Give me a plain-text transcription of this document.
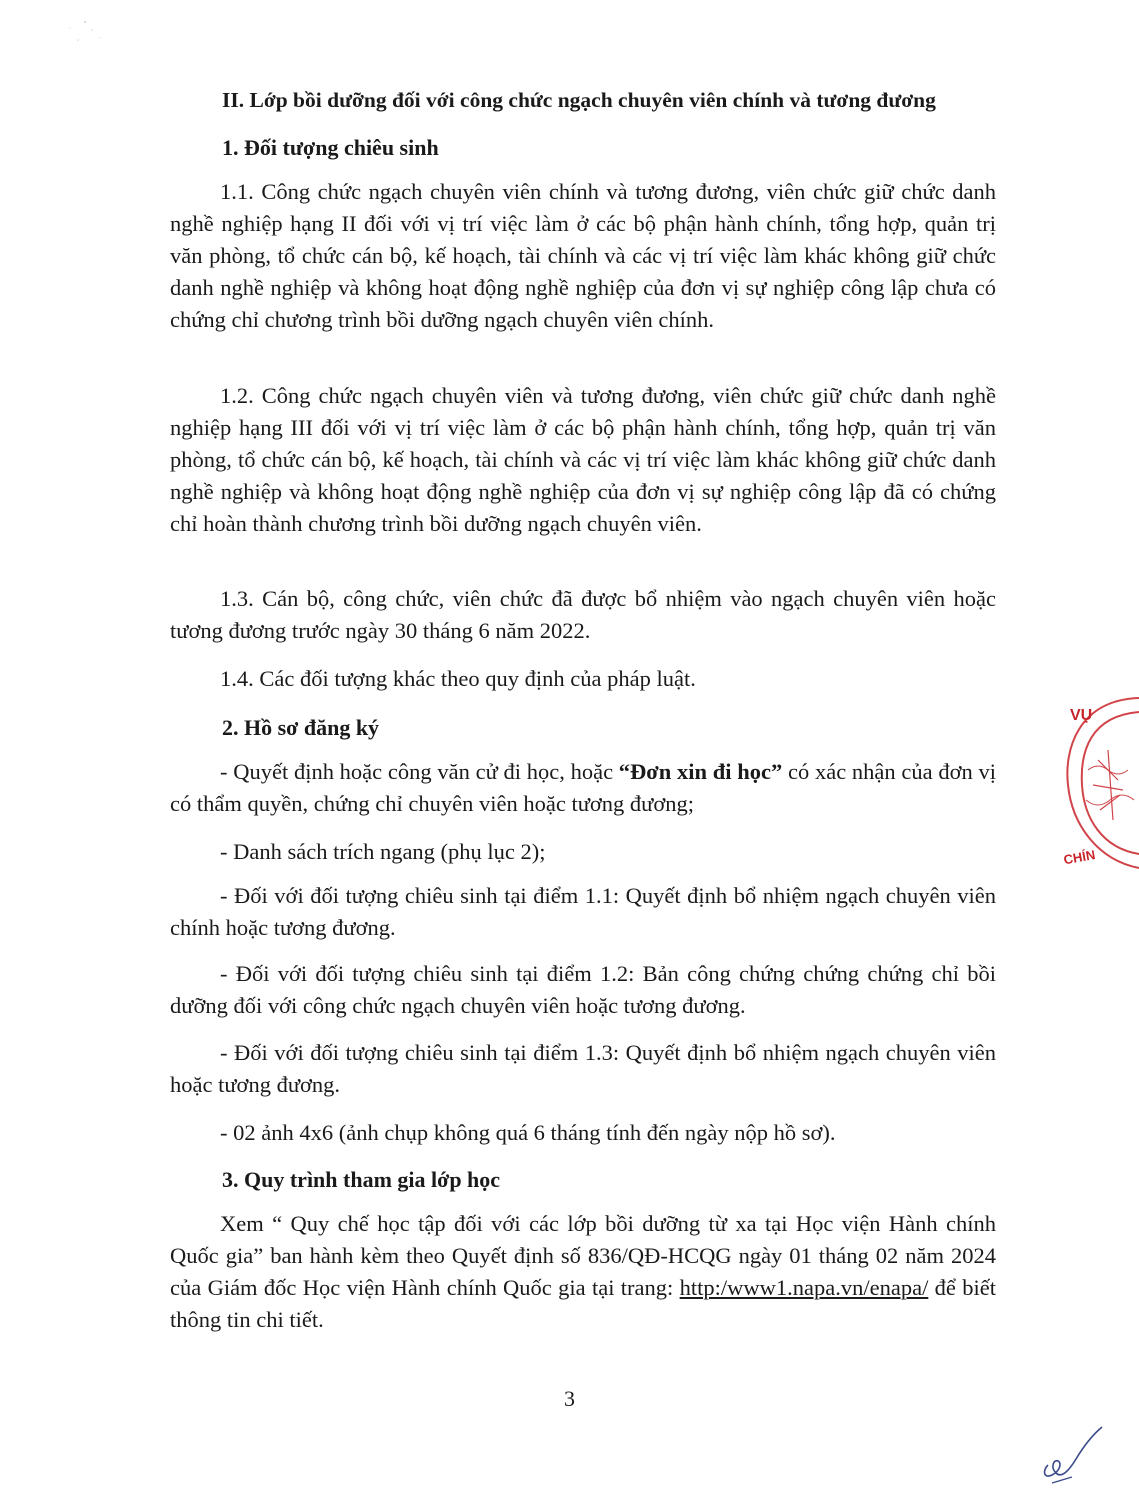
II. Lớp bồi dưỡng đối với công chức ngạch chuyên viên chính và tương đương
1. Đối tượng chiêu sinh

1.1. Công chức ngạch chuyên viên chính và tương đương, viên chức giữ chức danh nghề nghiệp hạng II đối với vị trí việc làm ở các bộ phận hành chính, tổng hợp, quản trị văn phòng, tổ chức cán bộ, kế hoạch, tài chính và các vị trí việc làm khác không giữ chức danh nghề nghiệp và không hoạt động nghề nghiệp của đơn vị sự nghiệp công lập chưa có chứng chỉ chương trình bồi dưỡng ngạch chuyên viên chính.

1.2. Công chức ngạch chuyên viên và tương đương, viên chức giữ chức danh nghề nghiệp hạng III đối với vị trí việc làm ở các bộ phận hành chính, tổng hợp, quản trị văn phòng, tổ chức cán bộ, kế hoạch, tài chính và các vị trí việc làm khác không giữ chức danh nghề nghiệp và không hoạt động nghề nghiệp của đơn vị sự nghiệp công lập đã có chứng chỉ hoàn thành chương trình bồi dưỡng ngạch chuyên viên.

1.3. Cán bộ, công chức, viên chức đã được bổ nhiệm vào ngạch chuyên viên hoặc tương đương trước ngày 30 tháng 6 năm 2022.

1.4. Các đối tượng khác theo quy định của pháp luật.

2. Hồ sơ đăng ký

- Quyết định hoặc công văn cử đi học, hoặc “Đơn xin đi học” có xác nhận của đơn vị có thẩm quyền, chứng chỉ chuyên viên hoặc tương đương;

- Danh sách trích ngang (phụ lục 2);

- Đối với đối tượng chiêu sinh tại điểm 1.1: Quyết định bổ nhiệm ngạch chuyên viên chính hoặc tương đương.

- Đối với đối tượng chiêu sinh tại điểm 1.2: Bản công chứng chứng chứng chỉ bồi dưỡng đối với công chức ngạch chuyên viên hoặc tương đương.

- Đối với đối tượng chiêu sinh tại điểm 1.3: Quyết định bổ nhiệm ngạch chuyên viên hoặc tương đương.

- 02 ảnh 4x6 (ảnh chụp không quá 6 tháng tính đến ngày nộp hồ sơ).

3. Quy trình tham gia lớp học

Xem “ Quy chế học tập đối với các lớp bồi dưỡng từ xa tại Học viện Hành chính Quốc gia” ban hành kèm theo Quyết định số 836/QĐ-HCQG ngày 01 tháng 02 năm 2024 của Giám đốc Học viện Hành chính Quốc gia tại trang: http:/www1.napa.vn/enapa/ để biết thông tin chi tiết.

3
VỤ
CHÍN
